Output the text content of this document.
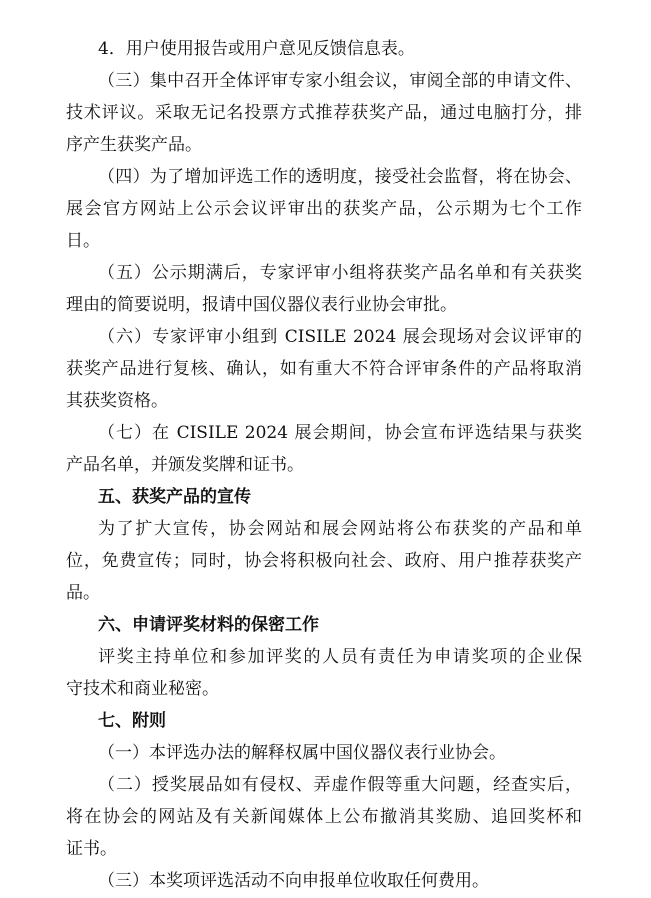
4．用户使用报告或用户意见反馈信息表。
（三）集中召开全体评审专家小组会议，审阅全部的申请文件、
技术评议。采取无记名投票方式推荐获奖产品，通过电脑打分，排
序产生获奖产品。
（四）为了增加评选工作的透明度，接受社会监督，将在协会、
展会官方网站上公示会议评审出的获奖产品，公示期为七个工作
日。
（五）公示期满后，专家评审小组将获奖产品名单和有关获奖
理由的简要说明，报请中国仪器仪表行业协会审批。
（六）专家评审小组到 CISILE 2024 展会现场对会议评审的
获奖产品进行复核、确认，如有重大不符合评审条件的产品将取消
其获奖资格。
（七）在 CISILE 2024 展会期间，协会宣布评选结果与获奖
产品名单，并颁发奖牌和证书。
五、获奖产品的宣传
为了扩大宣传，协会网站和展会网站将公布获奖的产品和单
位，免费宣传；同时，协会将积极向社会、政府、用户推荐获奖产
品。
六、申请评奖材料的保密工作
评奖主持单位和参加评奖的人员有责任为申请奖项的企业保
守技术和商业秘密。
七、附则
（一）本评选办法的解释权属中国仪器仪表行业协会。
（二）授奖展品如有侵权、弄虚作假等重大问题，经查实后，
将在协会的网站及有关新闻媒体上公布撤消其奖励、追回奖杯和
证书。
（三）本奖项评选活动不向申报单位收取任何费用。
